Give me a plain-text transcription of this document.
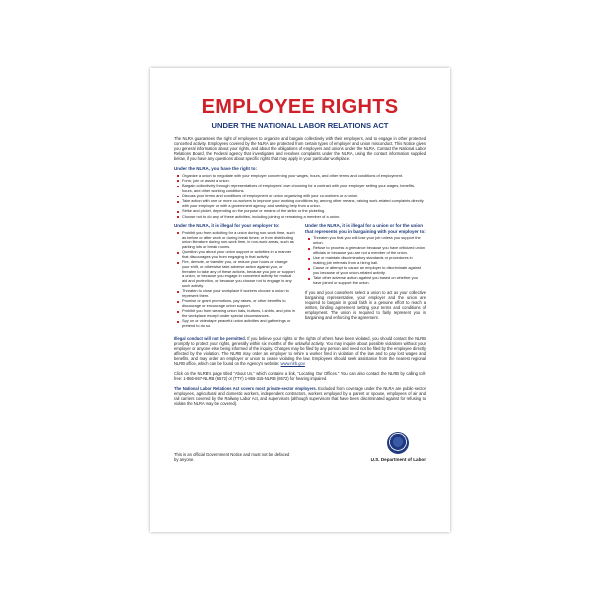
EMPLOYEE RIGHTS
UNDER THE NATIONAL LABOR RELATIONS ACT

The NLRA guarantees the right of employees to organize and bargain collectively with their employers, and to engage in other protected concerted activity. Employees covered by the NLRA are protected from certain types of employer and union misconduct. This Notice gives you general information about your rights, and about the obligations of employers and unions under the NLRA. Contact the National Labor Relations Board, the Federal agency that investigates and resolves complaints under the NLRA, using the contact information supplied below, if you have any questions about specific rights that may apply in your particular workplace.

Under the NLRA, you have the right to:
Organize a union to negotiate with your employer concerning your wages, hours, and other terms and conditions of employment.
Form, join or assist a union.
Bargain collectively through representatives of employees' own choosing for a contract with your employer setting your wages, benefits, hours, and other working conditions.
Discuss your terms and conditions of employment or union organizing with your co-workers or a union.
Take action with one or more co-workers to improve your working conditions by, among other means, raising work-related complaints directly with your employer or with a government agency, and seeking help from a union.
Strike and picket, depending on the purpose or means of the strike or the picketing.
Choose not to do any of these activities, including joining or remaining a member of a union.
Under the NLRA, it is illegal for your employer to:
Prohibit you from soliciting for a union during non-work time, such as before or after work or during break times; or from distributing union literature during non-work time, in non-work areas, such as parking lots or break rooms.
Question you about your union support or activities in a manner that discourages you from engaging in that activity.
Fire, demote, or transfer you, or reduce your hours or change your shift, or otherwise take adverse action against you, or threaten to take any of these actions, because you join or support a union, or because you engage in concerted activity for mutual aid and protection, or because you choose not to engage in any such activity.
Threaten to close your workplace if workers choose a union to represent them.
Promise or grant promotions, pay raises, or other benefits to discourage or encourage union support.
Prohibit you from wearing union hats, buttons, t-shirts, and pins in the workplace except under special circumstances.
Spy on or videotape peaceful union activities and gatherings or pretend to do so.
Under the NLRA, it is illegal for a union or for the union that represents you in bargaining with your employer to:
Threaten you that you will lose your job unless you support the union.
Refuse to process a grievance because you have criticized union officials or because you are not a member of the union.
Use or maintain discriminatory standards or procedures in making job referrals from a hiring hall.
Cause or attempt to cause an employer to discriminate against you because of your union-related activity.
Take other adverse action against you based on whether you have joined or support the union.

If you and your coworkers select a union to act as your collective bargaining representative, your employer and the union are required to bargain in good faith in a genuine effort to reach a written, binding agreement setting your terms and conditions of employment. The union is required to fairly represent you in bargaining and enforcing the agreement.

Illegal conduct will not be permitted. If you believe your rights or the rights of others have been violated, you should contact the NLRB promptly to protect your rights, generally within six months of the unlawful activity. You may inquire about possible violations without your employer or anyone else being informed of the inquiry. Charges may be filed by any person and need not be filed by the employee directly affected by the violation. The NLRB may order an employer to rehire a worker fired in violation of the law and to pay lost wages and benefits, and may order an employer or union to cease violating the law. Employees should seek assistance from the nearest regional NLRB office, which can be found on the Agency's website: www.nlrb.gov

Click on the NLRB's page titled "About Us," which contains a link, "Locating Our Offices." You can also contact the NLRB by calling toll-free: 1-866-667-NLRB (6572) or (TTY) 1-866-315-NLRB (6572) for hearing impaired.

The National Labor Relations Act covers most private-sector employers. Excluded from coverage under the NLRA are public-sector employees, agricultural and domestic workers, independent contractors, workers employed by a parent or spouse, employees of air and rail carriers covered by the Railway Labor Act, and supervisors (although supervisors that have been discriminated against for refusing to violate the NLRA may be covered).

This is an official Government Notice and must not be defaced by anyone.	U.S. Department of Labor
